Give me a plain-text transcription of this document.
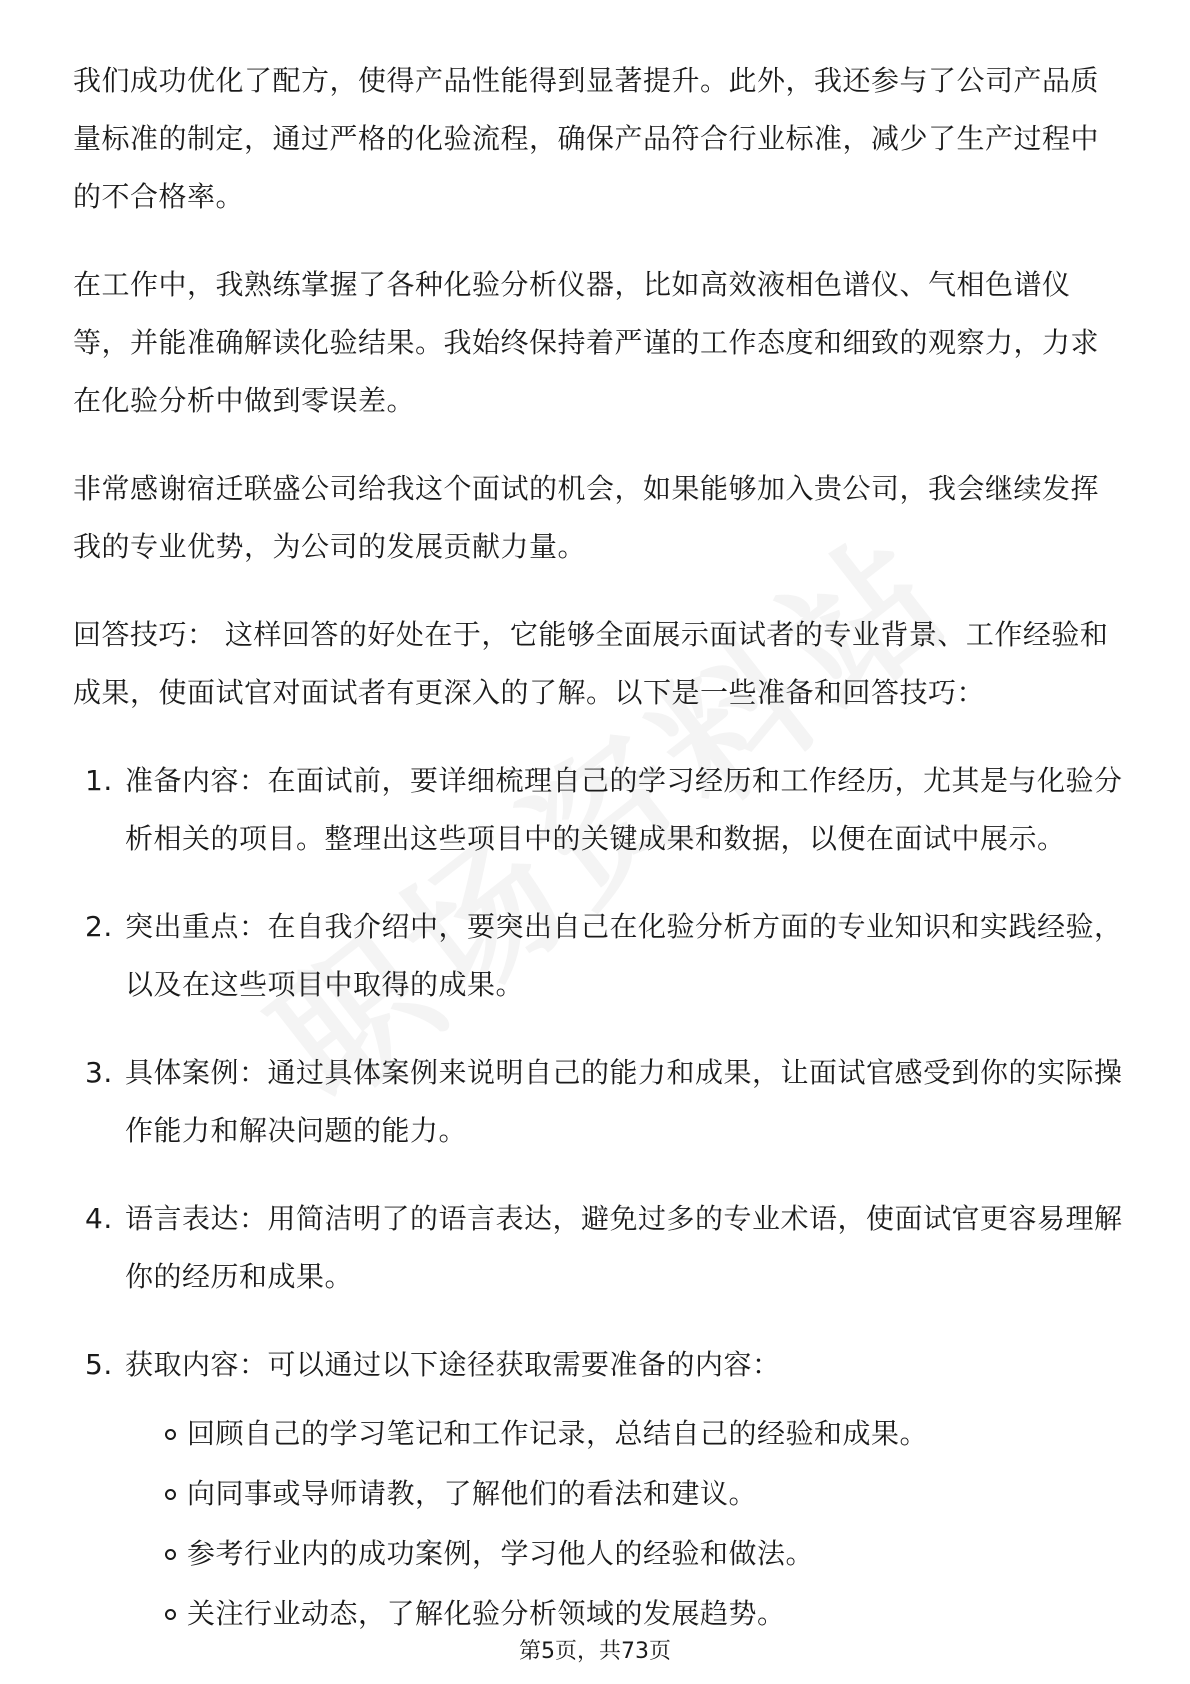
我们成功优化了配方，使得产品性能得到显著提升。此外，我还参与了公司产品质量标准的制定，通过严格的化验流程，确保产品符合行业标准，减少了生产过程中的不合格率。

在工作中，我熟练掌握了各种化验分析仪器，比如高效液相色谱仪、气相色谱仪等，并能准确解读化验结果。我始终保持着严谨的工作态度和细致的观察力，力求在化验分析中做到零误差。

非常感谢宿迁联盛公司给我这个面试的机会，如果能够加入贵公司，我会继续发挥我的专业优势，为公司的发展贡献力量。

回答技巧： 这样回答的好处在于，它能够全面展示面试者的专业背景、工作经验和成果，使面试官对面试者有更深入的了解。以下是一些准备和回答技巧：

1. 准备内容：在面试前，要详细梳理自己的学习经历和工作经历，尤其是与化验分析相关的项目。整理出这些项目中的关键成果和数据，以便在面试中展示。
2. 突出重点：在自我介绍中，要突出自己在化验分析方面的专业知识和实践经验，以及在这些项目中取得的成果。
3. 具体案例：通过具体案例来说明自己的能力和成果，让面试官感受到你的实际操作能力和解决问题的能力。
4. 语言表达：用简洁明了的语言表达，避免过多的专业术语，使面试官更容易理解你的经历和成果。
5. 获取内容：可以通过以下途径获取需要准备的内容：
回顾自己的学习笔记和工作记录，总结自己的经验和成果。
向同事或导师请教，了解他们的看法和建议。
参考行业内的成功案例，学习他人的经验和做法。
关注行业动态，了解化验分析领域的发展趋势。
第5页，共73页
